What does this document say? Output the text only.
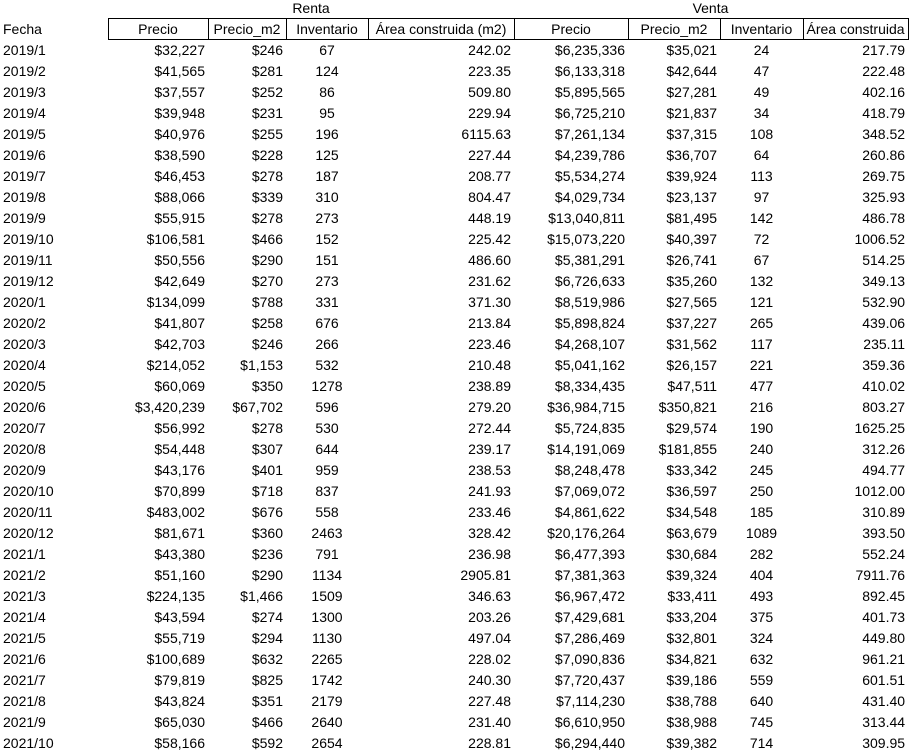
Renta	Venta
Fecha	Precio	Precio_m2	Inventario	Área construida (m2)	Precio	Precio_m2	Inventario	Área construida
2019/1	$32,227	$246	67	242.02	$6,235,336	$35,021	24	217.79
2019/2	$41,565	$281	124	223.35	$6,133,318	$42,644	47	222.48
2019/3	$37,557	$252	86	509.80	$5,895,565	$27,281	49	402.16
2019/4	$39,948	$231	95	229.94	$6,725,210	$21,837	34	418.79
2019/5	$40,976	$255	196	6115.63	$7,261,134	$37,315	108	348.52
2019/6	$38,590	$228	125	227.44	$4,239,786	$36,707	64	260.86
2019/7	$46,453	$278	187	208.77	$5,534,274	$39,924	113	269.75
2019/8	$88,066	$339	310	804.47	$4,029,734	$23,137	97	325.93
2019/9	$55,915	$278	273	448.19	$13,040,811	$81,495	142	486.78
2019/10	$106,581	$466	152	225.42	$15,073,220	$40,397	72	1006.52
2019/11	$50,556	$290	151	486.60	$5,381,291	$26,741	67	514.25
2019/12	$42,649	$270	273	231.62	$6,726,633	$35,260	132	349.13
2020/1	$134,099	$788	331	371.30	$8,519,986	$27,565	121	532.90
2020/2	$41,807	$258	676	213.84	$5,898,824	$37,227	265	439.06
2020/3	$42,703	$246	266	223.46	$4,268,107	$31,562	117	235.11
2020/4	$214,052	$1,153	532	210.48	$5,041,162	$26,157	221	359.36
2020/5	$60,069	$350	1278	238.89	$8,334,435	$47,511	477	410.02
2020/6	$3,420,239	$67,702	596	279.20	$36,984,715	$350,821	216	803.27
2020/7	$56,992	$278	530	272.44	$5,724,835	$29,574	190	1625.25
2020/8	$54,448	$307	644	239.17	$14,191,069	$181,855	240	312.26
2020/9	$43,176	$401	959	238.53	$8,248,478	$33,342	245	494.77
2020/10	$70,899	$718	837	241.93	$7,069,072	$36,597	250	1012.00
2020/11	$483,002	$676	558	233.46	$4,861,622	$34,548	185	310.89
2020/12	$81,671	$360	2463	328.42	$20,176,264	$63,679	1089	393.50
2021/1	$43,380	$236	791	236.98	$6,477,393	$30,684	282	552.24
2021/2	$51,160	$290	1134	2905.81	$7,381,363	$39,324	404	7911.76
2021/3	$224,135	$1,466	1509	346.63	$6,967,472	$33,411	493	892.45
2021/4	$43,594	$274	1300	203.26	$7,429,681	$33,204	375	401.73
2021/5	$55,719	$294	1130	497.04	$7,286,469	$32,801	324	449.80
2021/6	$100,689	$632	2265	228.02	$7,090,836	$34,821	632	961.21
2021/7	$79,819	$825	1742	240.30	$7,720,437	$39,186	559	601.51
2021/8	$43,824	$351	2179	227.48	$7,114,230	$38,788	640	431.40
2021/9	$65,030	$466	2640	231.40	$6,610,950	$38,988	745	313.44
2021/10	$58,166	$592	2654	228.81	$6,294,440	$39,382	714	309.95
